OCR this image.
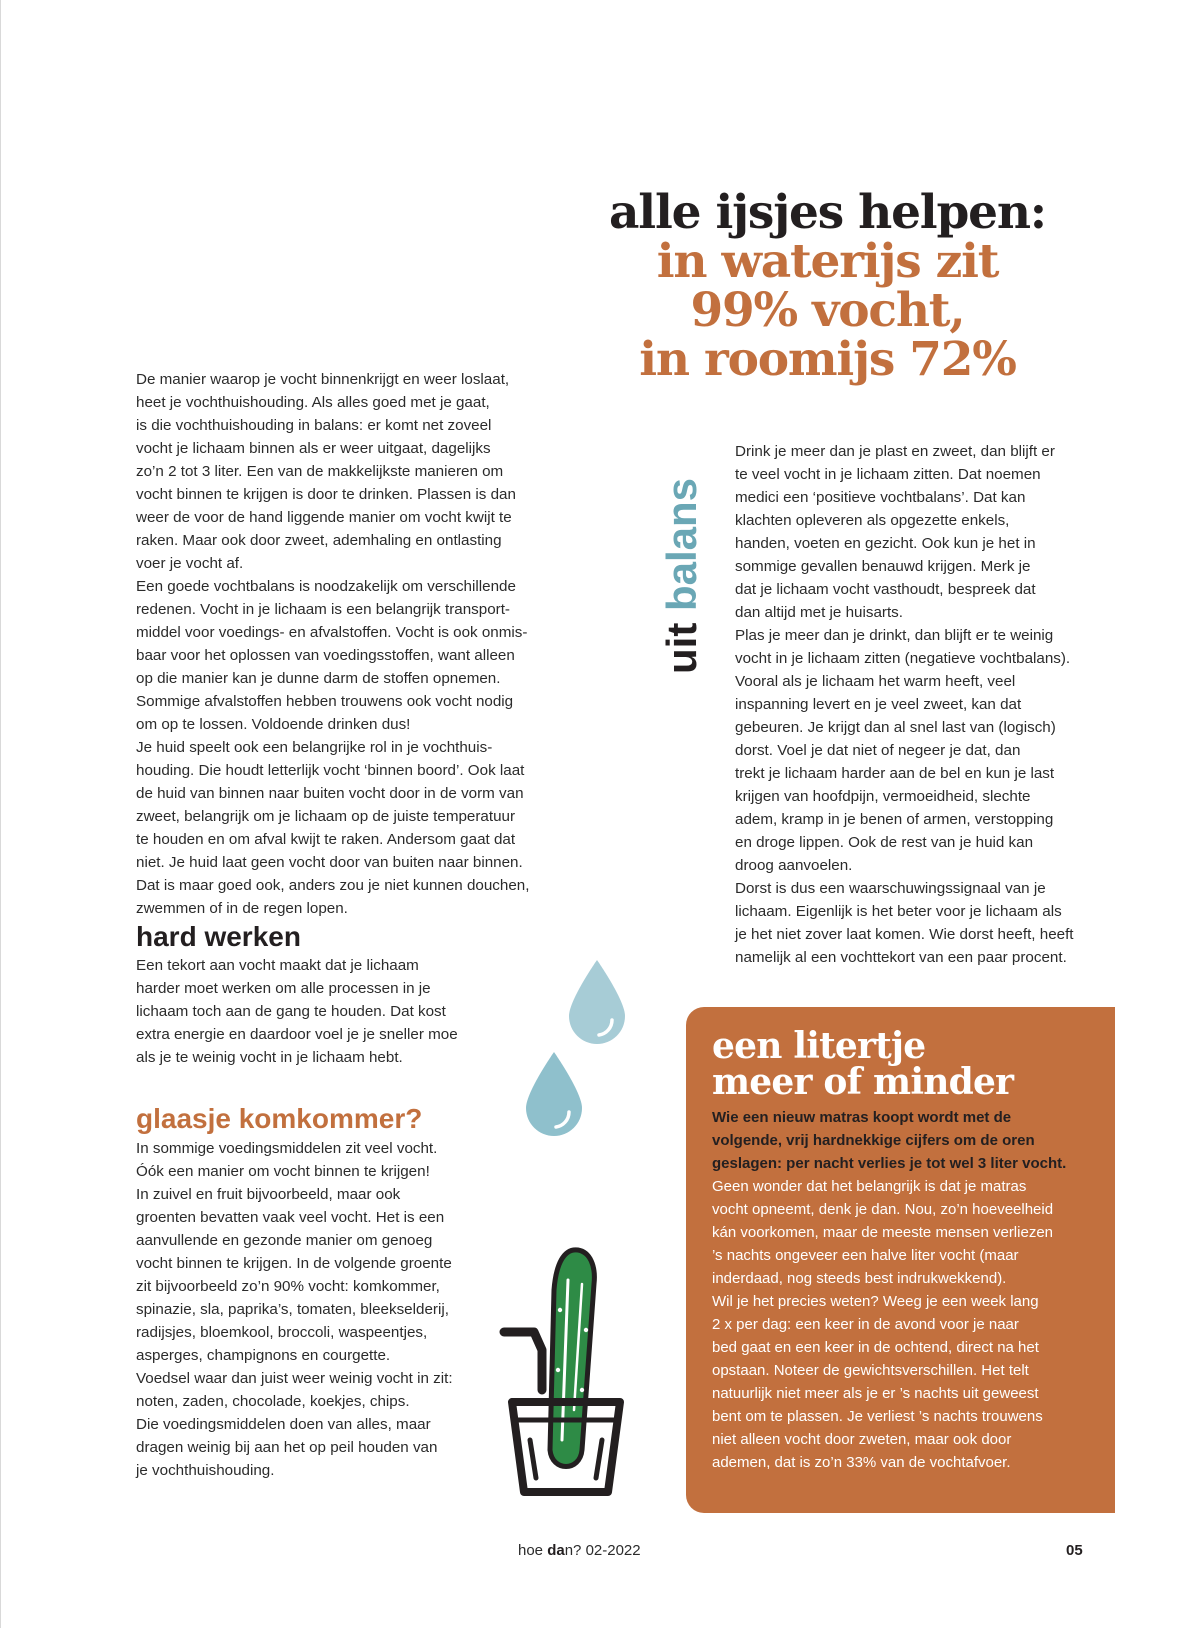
alle ijsjes helpen:
in waterijs zit
99% vocht,
in roomijs 72%

De manier waarop je vocht binnenkrijgt en weer loslaat,
heet je vochthuishouding. Als alles goed met je gaat,
is die vochthuishouding in balans: er komt net zoveel
vocht je lichaam binnen als er weer uitgaat, dagelijks
zo’n 2 tot 3 liter. Een van de makkelijkste manieren om
vocht binnen te krijgen is door te drinken. Plassen is dan
weer de voor de hand liggende manier om vocht kwijt te
raken. Maar ook door zweet, ademhaling en ontlasting
voer je vocht af.
Een goede vochtbalans is noodzakelijk om verschillende
redenen. Vocht in je lichaam is een belangrijk transport-
middel voor voedings- en afvalstoffen. Vocht is ook onmis-
baar voor het oplossen van voedingsstoffen, want alleen
op die manier kan je dunne darm de stoffen opnemen.
Sommige afvalstoffen hebben trouwens ook vocht nodig
om op te lossen. Voldoende drinken dus!
Je huid speelt ook een belangrijke rol in je vochthuis-
houding. Die houdt letterlijk vocht ‘binnen boord’. Ook laat
de huid van binnen naar buiten vocht door in de vorm van
zweet, belangrijk om je lichaam op de juiste temperatuur
te houden en om afval kwijt te raken. Andersom gaat dat
niet. Je huid laat geen vocht door van buiten naar binnen.
Dat is maar goed ook, anders zou je niet kunnen douchen,
zwemmen of in de regen lopen.

hard werken

Een tekort aan vocht maakt dat je lichaam
harder moet werken om alle processen in je
lichaam toch aan de gang te houden. Dat kost
extra energie en daardoor voel je je sneller moe
als je te weinig vocht in je lichaam hebt.

glaasje komkommer?

In sommige voedingsmiddelen zit veel vocht.
Óók een manier om vocht binnen te krijgen!
In zuivel en fruit bijvoorbeeld, maar ook
groenten bevatten vaak veel vocht. Het is een
aanvullende en gezonde manier om genoeg
vocht binnen te krijgen. In de volgende groente
zit bijvoorbeeld zo’n 90% vocht: komkommer,
spinazie, sla, paprika’s, tomaten, bleekselderij,
radijsjes, bloemkool, broccoli, waspeentjes,
asperges, champignons en courgette.
Voedsel waar dan juist weer weinig vocht in zit:
noten, zaden, chocolade, koekjes, chips.
Die voedingsmiddelen doen van alles, maar
dragen weinig bij aan het op peil houden van
je vochthuishouding.

uit balans

Drink je meer dan je plast en zweet, dan blijft er
te veel vocht in je lichaam zitten. Dat noemen
medici een ‘positieve vochtbalans’. Dat kan
klachten opleveren als opgezette enkels,
handen, voeten en gezicht. Ook kun je het in
sommige gevallen benauwd krijgen. Merk je
dat je lichaam vocht vasthoudt, bespreek dat
dan altijd met je huisarts.
Plas je meer dan je drinkt, dan blijft er te weinig
vocht in je lichaam zitten (negatieve vochtbalans).
Vooral als je lichaam het warm heeft, veel
inspanning levert en je veel zweet, kan dat
gebeuren. Je krijgt dan al snel last van (logisch)
dorst. Voel je dat niet of negeer je dat, dan
trekt je lichaam harder aan de bel en kun je last
krijgen van hoofdpijn, vermoeidheid, slechte
adem, kramp in je benen of armen, verstopping
en droge lippen. Ook de rest van je huid kan
droog aanvoelen.
Dorst is dus een waarschuwingssignaal van je
lichaam. Eigenlijk is het beter voor je lichaam als
je het niet zover laat komen. Wie dorst heeft, heeft
namelijk al een vochttekort van een paar procent.

een litertje
meer of minder

Wie een nieuw matras koopt wordt met de
volgende, vrij hardnekkige cijfers om de oren
geslagen: per nacht verlies je tot wel 3 liter vocht.

Geen wonder dat het belangrijk is dat je matras
vocht opneemt, denk je dan. Nou, zo’n hoeveelheid
kán voorkomen, maar de meeste mensen verliezen
’s nachts ongeveer een halve liter vocht (maar
inderdaad, nog steeds best indrukwekkend).
Wil je het precies weten? Weeg je een week lang
2 x per dag: een keer in de avond voor je naar
bed gaat en een keer in de ochtend, direct na het
opstaan. Noteer de gewichtsverschillen. Het telt
natuurlijk niet meer als je er ’s nachts uit geweest
bent om te plassen. Je verliest ’s nachts trouwens
niet alleen vocht door zweten, maar ook door
ademen, dat is zo’n 33% van de vochtafvoer.

hoe dan? 02-2022	05
